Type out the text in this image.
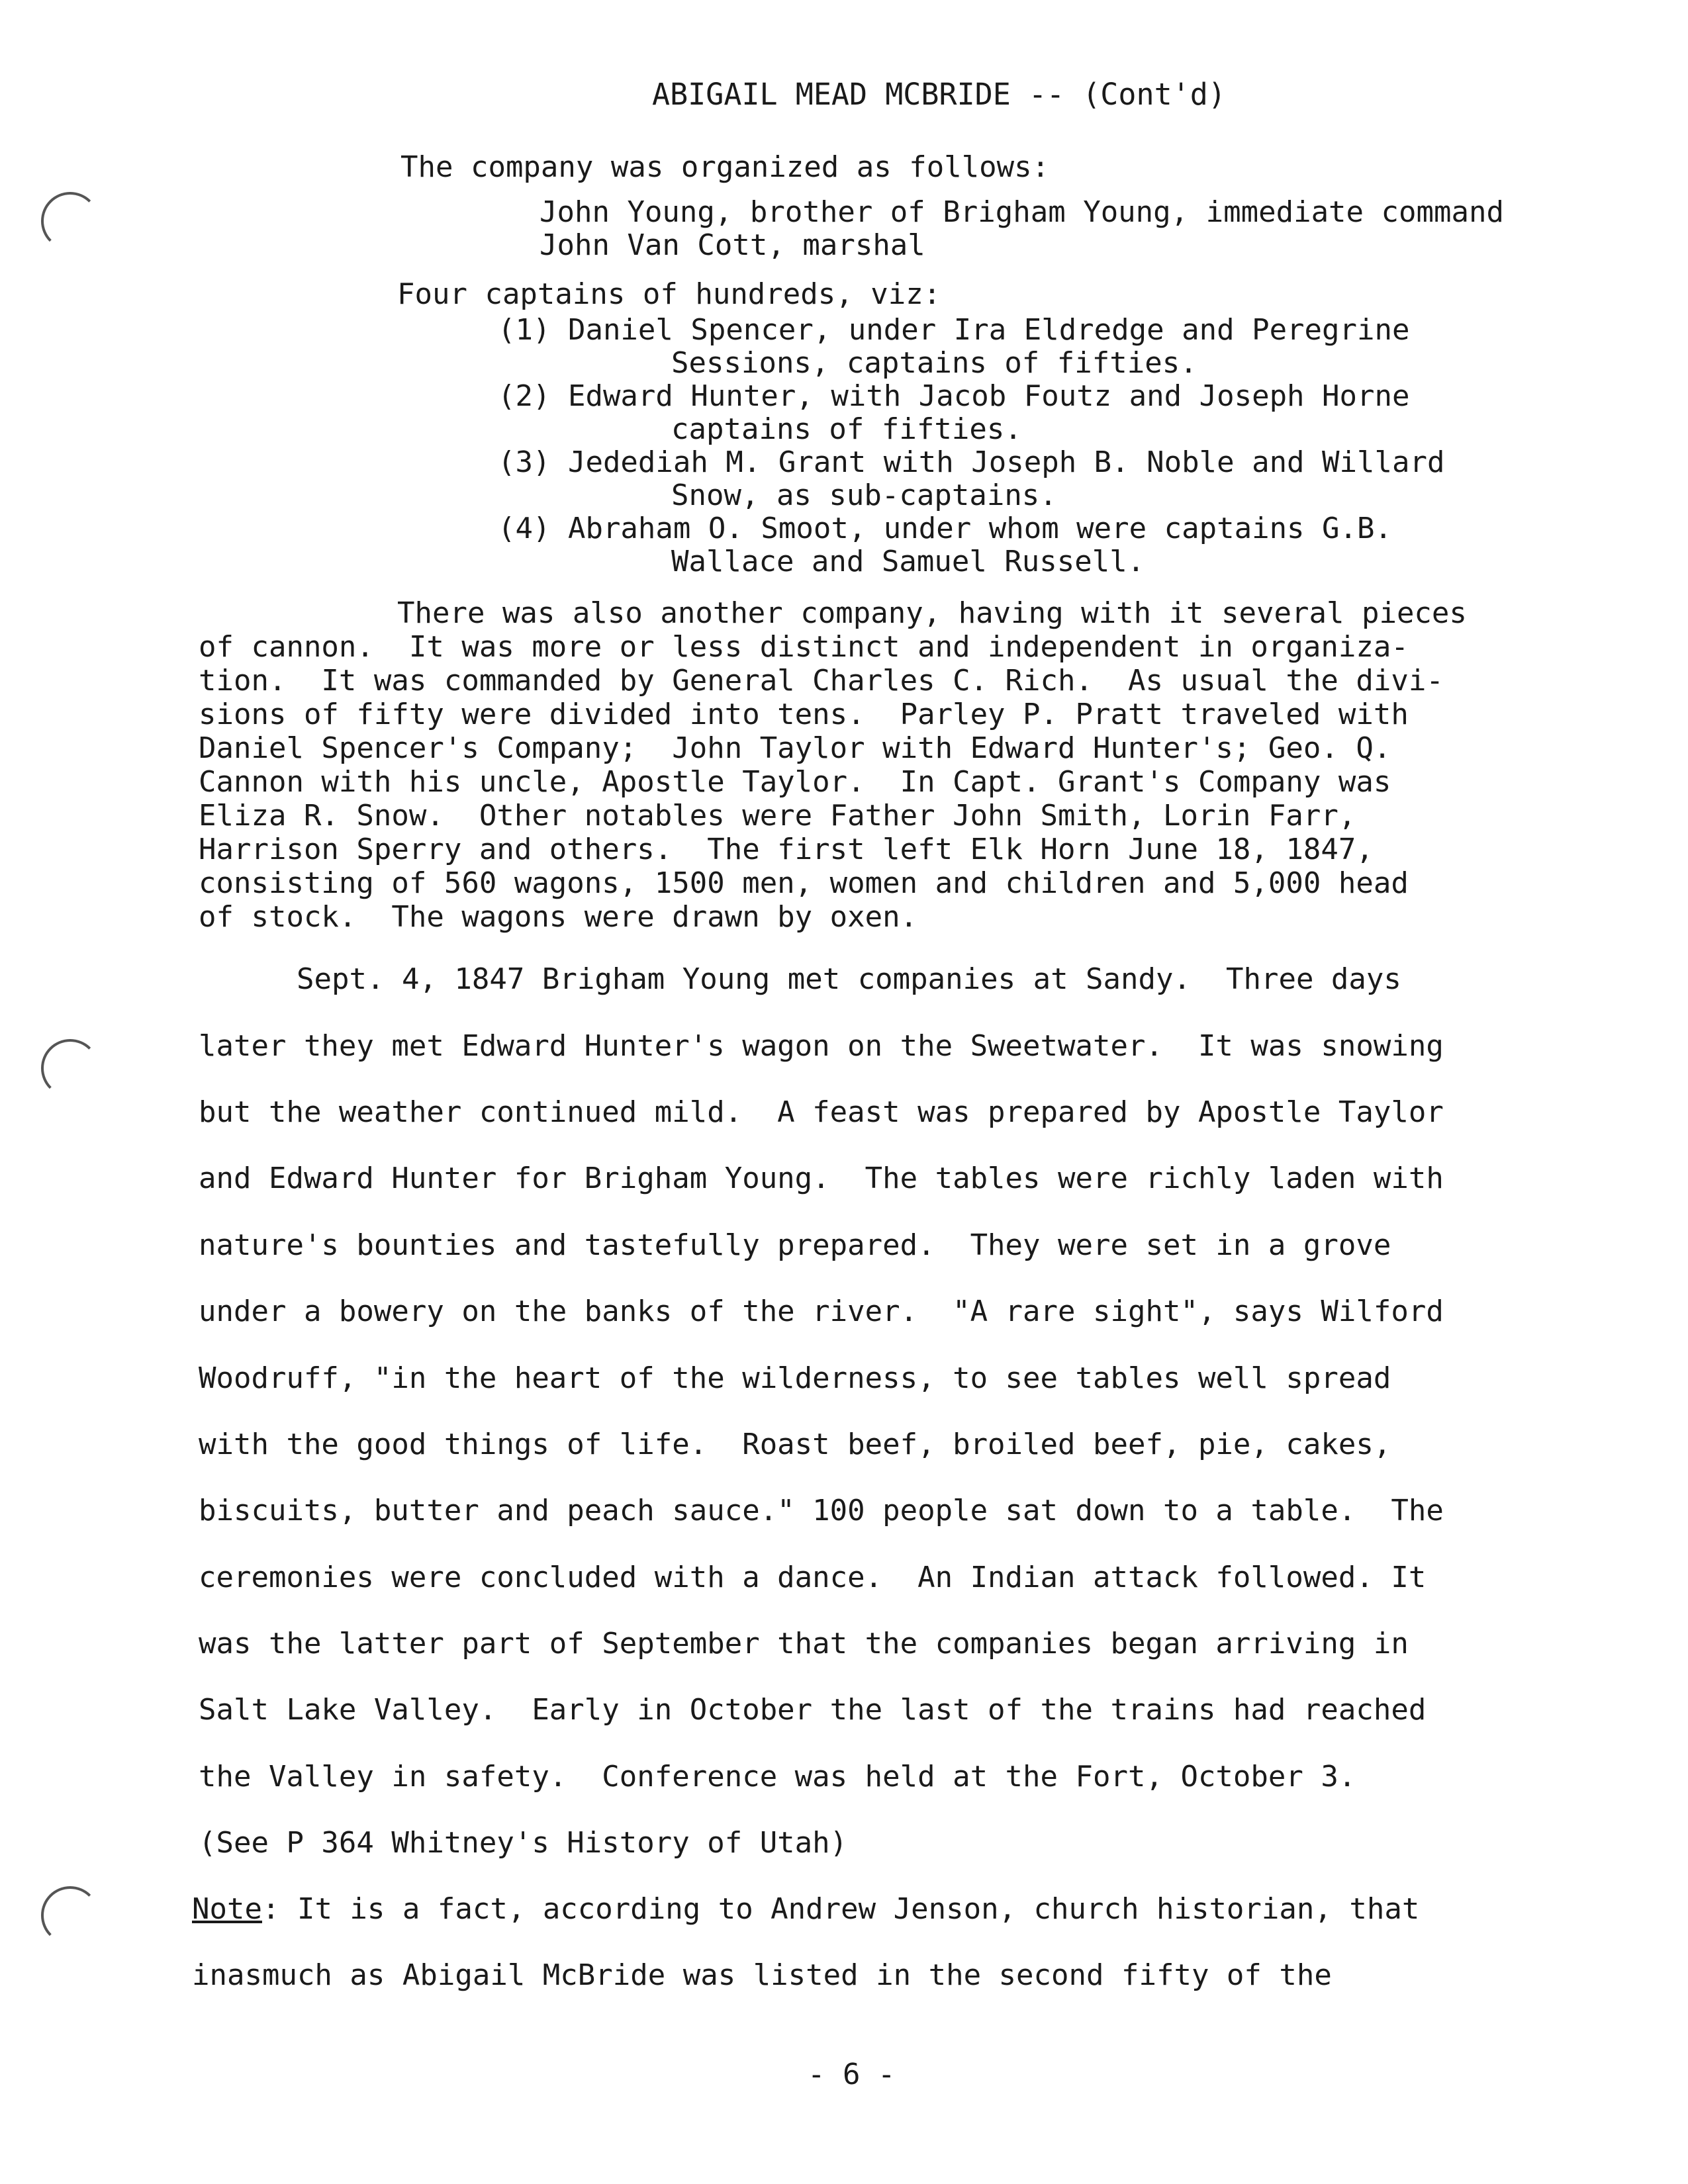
ABIGAIL MEAD MCBRIDE -- (Cont'd)
The company was organized as follows:
John Young, brother of Brigham Young, immediate command
John Van Cott, marshal
Four captains of hundreds, viz:
(1) Daniel Spencer, under Ira Eldredge and Peregrine
Sessions, captains of fifties.
(2) Edward Hunter, with Jacob Foutz and Joseph Horne
captains of fifties.
(3) Jedediah M. Grant with Joseph B. Noble and Willard
Snow, as sub-captains.
(4) Abraham O. Smoot, under whom were captains G.B.
Wallace and Samuel Russell.
There was also another company, having with it several pieces
of cannon.  It was more or less distinct and independent in organiza-
tion.  It was commanded by General Charles C. Rich.  As usual the divi-
sions of fifty were divided into tens.  Parley P. Pratt traveled with
Daniel Spencer's Company;  John Taylor with Edward Hunter's; Geo. Q.
Cannon with his uncle, Apostle Taylor.  In Capt. Grant's Company was
Eliza R. Snow.  Other notables were Father John Smith, Lorin Farr,
Harrison Sperry and others.  The first left Elk Horn June 18, 1847,
consisting of 560 wagons, 1500 men, women and children and 5,000 head
of stock.  The wagons were drawn by oxen.
Sept. 4, 1847 Brigham Young met companies at Sandy.  Three days
later they met Edward Hunter's wagon on the Sweetwater.  It was snowing
but the weather continued mild.  A feast was prepared by Apostle Taylor
and Edward Hunter for Brigham Young.  The tables were richly laden with
nature's bounties and tastefully prepared.  They were set in a grove
under a bowery on the banks of the river.  "A rare sight", says Wilford
Woodruff, "in the heart of the wilderness, to see tables well spread
with the good things of life.  Roast beef, broiled beef, pie, cakes,
biscuits, butter and peach sauce." 100 people sat down to a table.  The
ceremonies were concluded with a dance.  An Indian attack followed. It
was the latter part of September that the companies began arriving in
Salt Lake Valley.  Early in October the last of the trains had reached
the Valley in safety.  Conference was held at the Fort, October 3.
(See P 364 Whitney's History of Utah)
Note: It is a fact, according to Andrew Jenson, church historian, that
inasmuch as Abigail McBride was listed in the second fifty of the
- 6 -
